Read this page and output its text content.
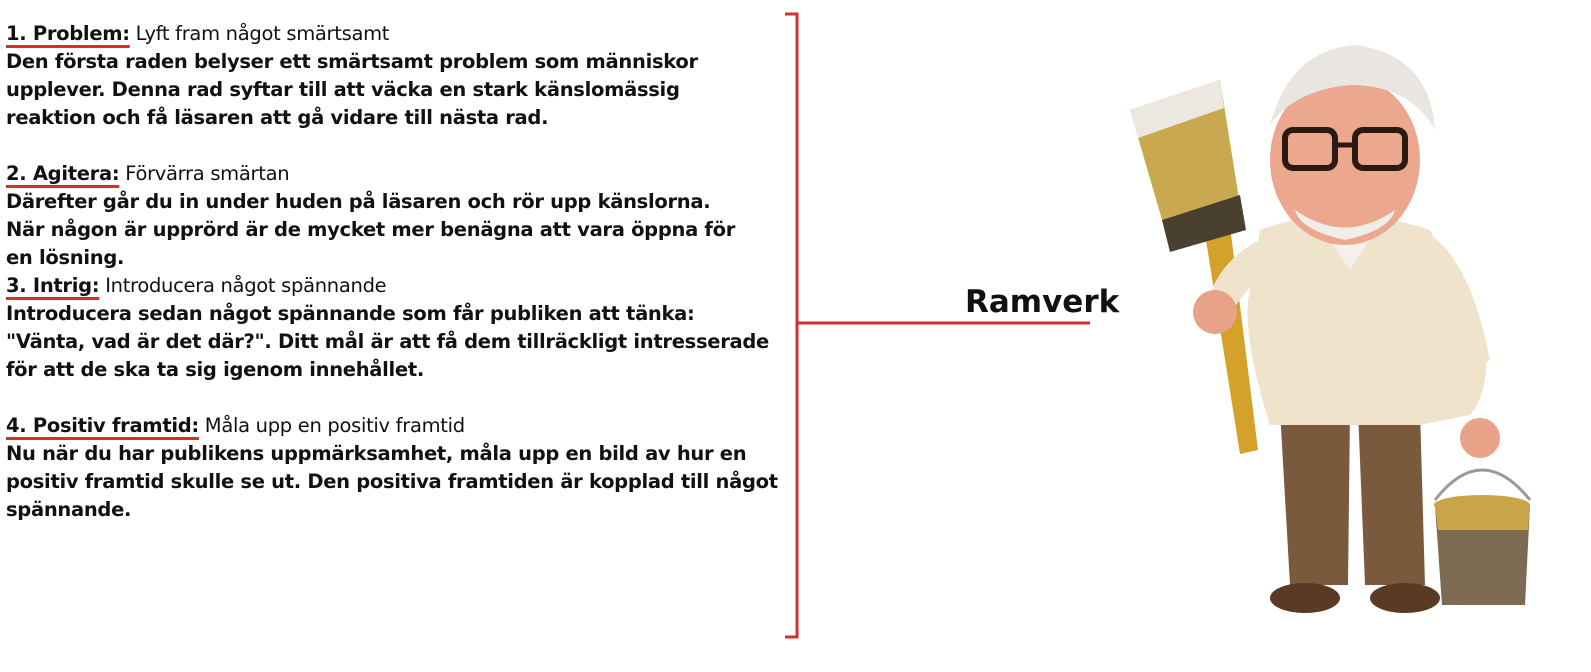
1. Problem: Lyft fram något smärtsamt
Den första raden belyser ett smärtsamt problem som människor upplever. Denna rad syftar till att väcka en stark känslomässig reaktion och få läsaren att gå vidare till nästa rad.
2. Agitera: Förvärra smärtan
Därefter går du in under huden på läsaren och rör upp känslorna. När någon är upprörd är de mycket mer benägna att vara öppna för en lösning.
3. Intrig: Introducera något spännande
Introducera sedan något spännande som får publiken att tänka: "Vänta, vad är det där?". Ditt mål är att få dem tillräckligt intresserade för att de ska ta sig igenom innehållet.
4. Positiv framtid: Måla upp en positiv framtid
Nu när du har publikens uppmärksamhet, måla upp en bild av hur en positiv framtid skulle se ut. Den positiva framtiden är kopplad till något spännande.
Ramverk
